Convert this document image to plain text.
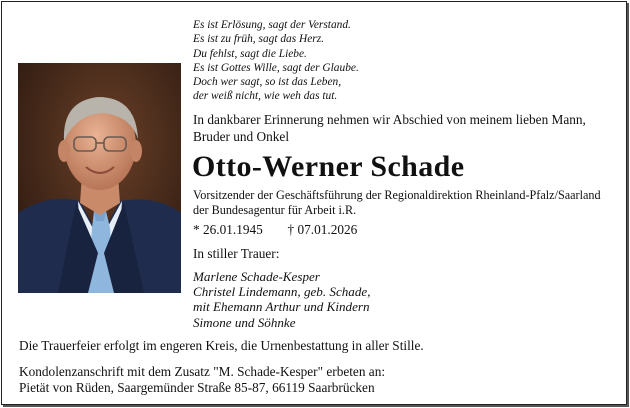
Es ist Erlösung, sagt der Verstand.
Es ist zu früh, sagt das Herz.
Du fehlst, sagt die Liebe.
Es ist Gottes Wille, sagt der Glaube.
Doch wer sagt, so ist das Leben,
der weiß nicht, wie weh das tut.
In dankbarer Erinnerung nehmen wir Abschied von meinem lieben Mann,
Bruder und Onkel
Otto-Werner Schade
Vorsitzender der Geschäftsführung der Regionaldirektion Rheinland-Pfalz/Saarland
der Bundesagentur für Arbeit i.R.
* 26.01.1945 † 07.01.2026
In stiller Trauer:
Marlene Schade-Kesper
Christel Lindemann, geb. Schade,
mit Ehemann Arthur und Kindern
Simone und Söhnke
Die Trauerfeier erfolgt im engeren Kreis, die Urnenbestattung in aller Stille.
Kondolenzanschrift mit dem Zusatz "M. Schade-Kesper" erbeten an:
Pietät von Rüden, Saargemünder Straße 85-87, 66119 Saarbrücken
